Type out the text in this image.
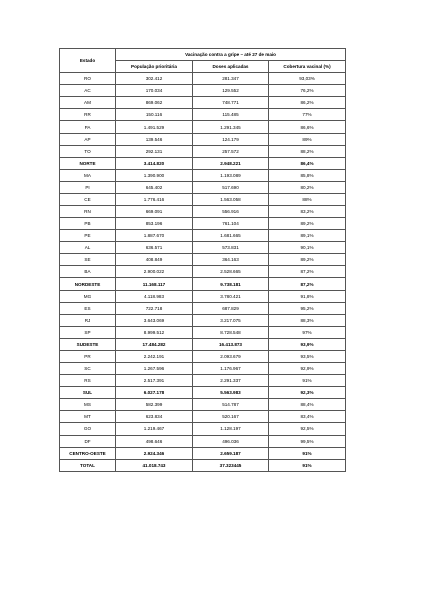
Estado	Vacinação contra a gripe – até 27 de maio		
	População prioritária	Doses aplicadas	Cobertura vacinal (%)
RO	302.412	281.347	93,03%
AC	170.034	129.552	76,2%
AM	869.062	748.771	86,2%
RR	150.116	115.485	77%
PA	1.491.529	1.291.345	86,6%
AP	139.546	124.179	89%
TO	292.131	257.572	88,2%
NORTE	3.414.820	2.948.221	86,4%
MA	1.390.900	1.193.089	85,8%
PI	645.402	517.690	80,2%
CE	1.776.416	1.563.058	88%
RN	669.091	556.916	83,2%
PB	853.196	761.104	89,2%
PE	1.887.670	1.681.665	89,1%
AL	636.571	573.831	90,1%
SE	408.849	364.163	89,2%
BA	2.900.022	2.528.665	87,2%
NORDESTE	11.168.117	9.738.181	87,2%
MG	4.118.983	3.780.421	91,8%
ES	722.718	687.829	95,2%
RJ	3.643.069	3.217.075	88,3%
SP	8.999.512	8.728.548	97%
SUDESTE	17.484.282	16.413.873	93,9%
PR	2.242.191	2.093.679	93,5%
SC	1.267.596	1.176.967	92,9%
RS	2.517.391	2.291.337	91%
SUL	6.027.178	5.563.983	92,3%
MS	582.399	514.787	88,4%
MT	623.834	520.167	83,4%
GO	1.219.467	1.128.197	92,5%
DF	498.646	496.036	99,5%
CENTRO-OESTE	2.924.346	2.659.187	91%
TOTAL	41.018.743	37.323445	91%
